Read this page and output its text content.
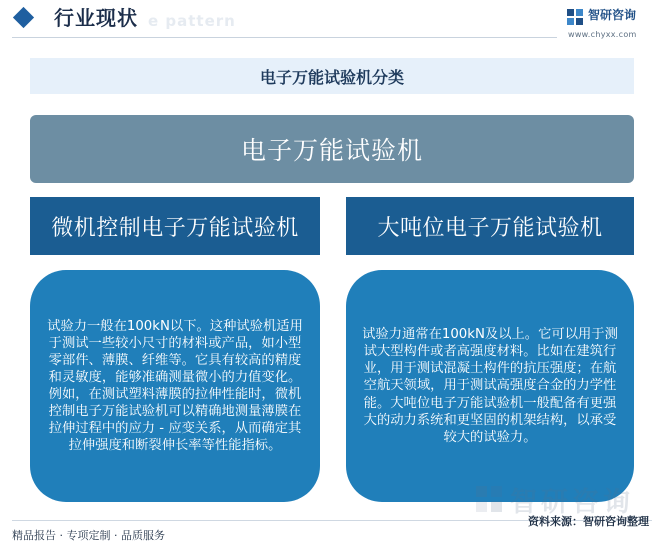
e pattern
行业现状	智研咨询
www.chyxx.com
电子万能试验机分类
电子万能试验机
微机控制电子万能试验机	大吨位电子万能试验机

试验力一般在100kN以下。这种试验机适用于测试一些较小尺寸的材料或产品，如小型零部件、薄膜、纤维等。它具有较高的精度和灵敏度，能够准确测量微小的力值变化。例如，在测试塑料薄膜的拉伸性能时，微机控制电子万能试验机可以精确地测量薄膜在拉伸过程中的应力 - 应变关系，从而确定其拉伸强度和断裂伸长率等性能指标。

试验力通常在100kN及以上。它可以用于测试大型构件或者高强度材料。比如在建筑行业，用于测试混凝土构件的抗压强度；在航空航天领域，用于测试高强度合金的力学性能。大吨位电子万能试验机一般配备有更强大的动力系统和更坚固的机架结构，以承受较大的试验力。

智研咨询
精品报告 · 专项定制 · 品质服务
资料来源：智研咨询整理
